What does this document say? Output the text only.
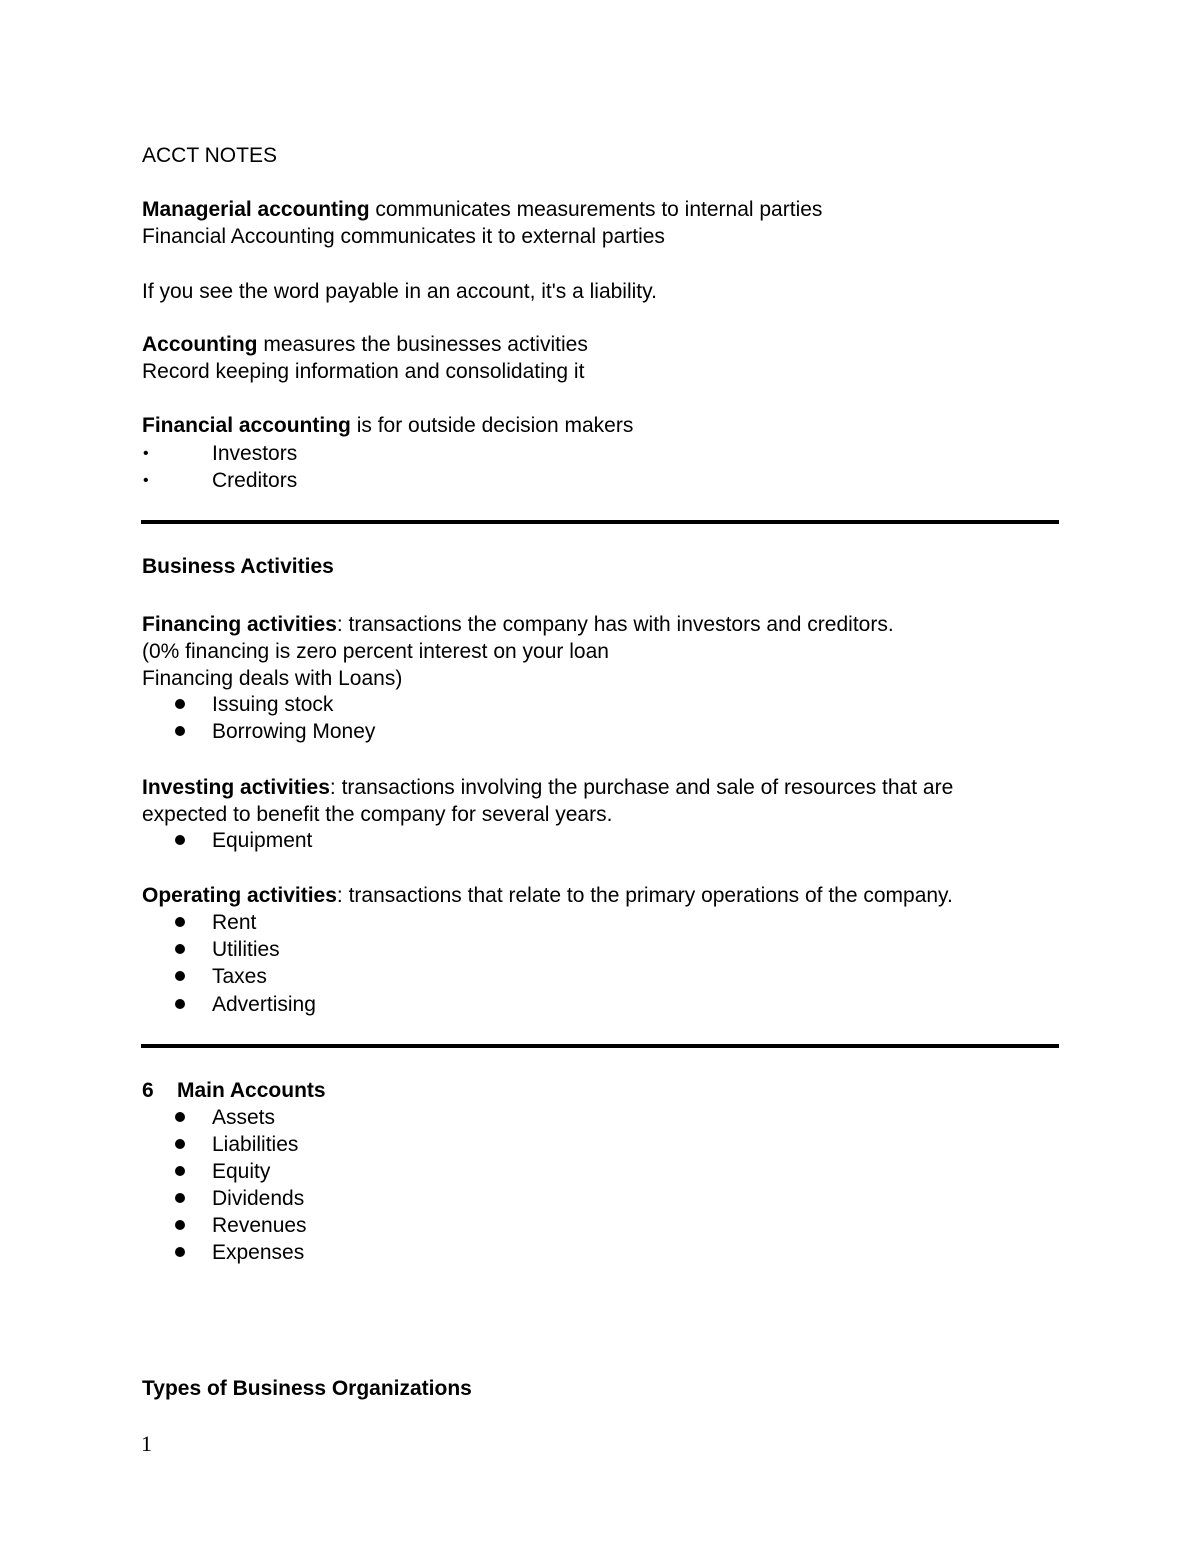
ACCT NOTES
Managerial accounting communicates measurements to internal parties
Financial Accounting communicates it to external parties
If you see the word payable in an account, it's a liability.
Accounting measures the businesses activities
Record keeping information and consolidating it
Financial accounting is for outside decision makers
•	Investors
•	Creditors
Business Activities
Financing activities: transactions the company has with investors and creditors.
(0% financing is zero percent interest on your loan
Financing deals with Loans)
Issuing stock
Borrowing Money
Investing activities: transactions involving the purchase and sale of resources that are
expected to benefit the company for several years.
Equipment
Operating activities: transactions that relate to the primary operations of the company.
Rent
Utilities
Taxes
Advertising
6 Main Accounts
Assets
Liabilities
Equity
Dividends
Revenues
Expenses
Types of Business Organizations
1
